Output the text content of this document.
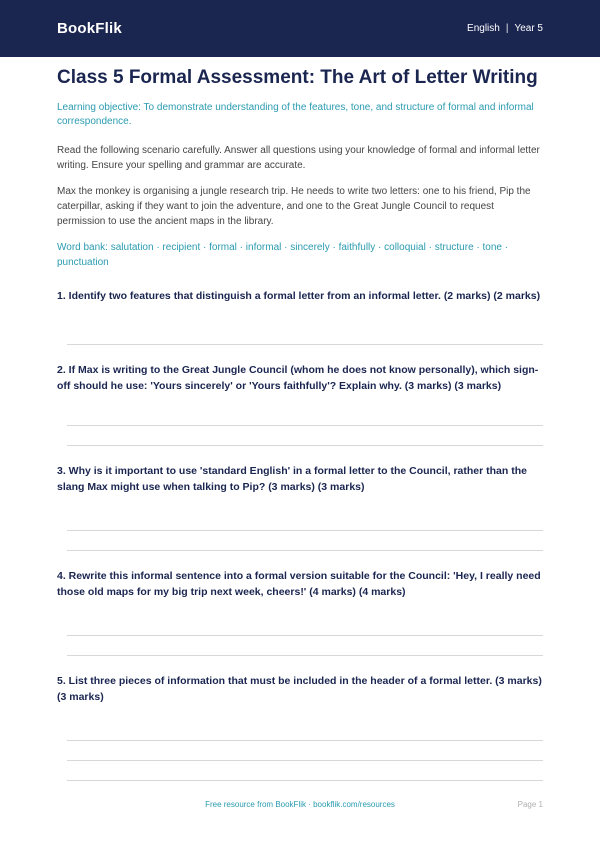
BookFlik	English | Year 5
Class 5 Formal Assessment: The Art of Letter Writing

Learning objective: To demonstrate understanding of the features, tone, and structure of formal and informal correspondence.

Read the following scenario carefully. Answer all questions using your knowledge of formal and informal letter writing. Ensure your spelling and grammar are accurate.

Max the monkey is organising a jungle research trip. He needs to write two letters: one to his friend, Pip the caterpillar, asking if they want to join the adventure, and one to the Great Jungle Council to request permission to use the ancient maps in the library.

Word bank: salutation · recipient · formal · informal · sincerely · faithfully · colloquial · structure · tone · punctuation

1. Identify two features that distinguish a formal letter from an informal letter. (2 marks) (2 marks)

2. If Max is writing to the Great Jungle Council (whom he does not know personally), which sign-off should he use: 'Yours sincerely' or 'Yours faithfully'? Explain why. (3 marks) (3 marks)

3. Why is it important to use 'standard English' in a formal letter to the Council, rather than the slang Max might use when talking to Pip? (3 marks) (3 marks)

4. Rewrite this informal sentence into a formal version suitable for the Council: 'Hey, I really need those old maps for my big trip next week, cheers!' (4 marks) (4 marks)

5. List three pieces of information that must be included in the header of a formal letter. (3 marks) (3 marks)

Free resource from BookFlik · bookflik.com/resources	Page 1
